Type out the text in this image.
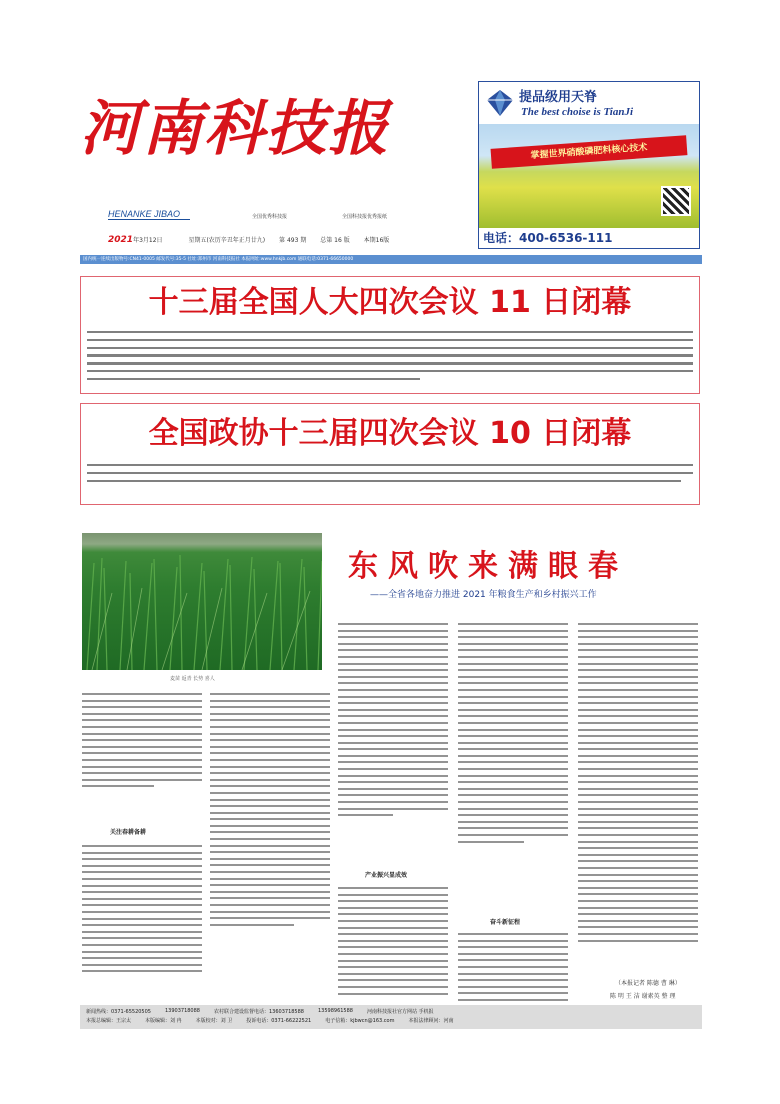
河南科技报
HENANKE JIBAO	全国优秀科技报	全国科技报优秀报纸
2021年3月12日	星期五(农历辛丑年正月廿九) 第 493 期 总第 16 版 本期16版
提品级用天脊
The best choise is TianJi
掌握世界硝酸磷肥料核心技术
电话：400-6536-111
国内统一连续出版物号:CN41-0005 邮发代号:35-5 社址:郑州市 河南科技报社 本报网址:www.hnkjb.com 通联电话:0371-66650000
十三届全国人大四次会议 11 日闭幕
全国政协十三届四次会议 10 日闭幕
麦苗 返青 长势 喜人
东风吹来满眼春
——全省各地奋力推进 2021 年粮食生产和乡村振兴工作
关注春耕备耕
产业振兴显成效
奋斗新征程
（本报记者 陈德 曹 琳）
陈 明 王 洁 谢素英 整 理
新闻热线：0371-65520505	13903718088	农村联合建设监督电话：13603718588	13598961588	河南科技报社官方网站 手机报
本报总编辑：王宗太	本版编辑：刘 冉	本版校对：刘 卫	投诉电话：0371-66222521	电子信箱：kjbwcn@163.com	本报法律顾问：河南
